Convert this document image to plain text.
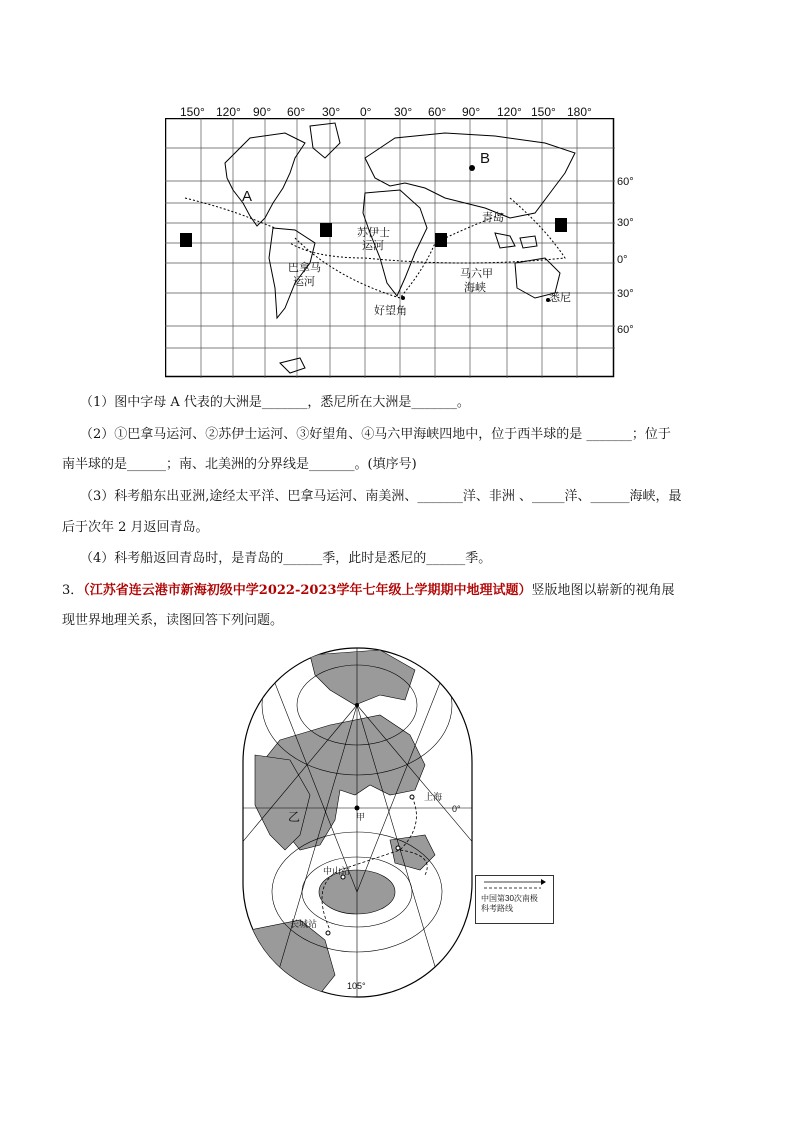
150° 120° 90° 60° 30° 0° 30° 60° 90° 120° 150° 180°
60°
30°
0°
30°
60°
A
B
青岛
苏伊士
运河
巴拿马
运河
马六甲
海峡
好望角
悉尼
（1）图中字母 A 代表的大洲是_______，悉尼所在大洲是_______。
（2）①巴拿马运河、②苏伊士运河、③好望角、④马六甲海峡四地中，位于西半球的是 _______；位于
南半球的是______；南、北美洲的分界线是_______。(填序号)
（3）科考船东出亚洲,途经太平洋、巴拿马运河、南美洲、_______洋、非洲 、_____洋、______海峡，最
后于次年 2 月返回青岛。
（4）科考船返回青岛时，是青岛的______季，此时是悉尼的______季。
3．（江苏省连云港市新海初级中学2022-2023学年七年级上学期期中地理试题）竖版地图以崭新的视角展
现世界地理关系，读图回答下列问题。
上海
乙	甲
0°
中山站
长城站
105°
中国第30次南极
科考路线
